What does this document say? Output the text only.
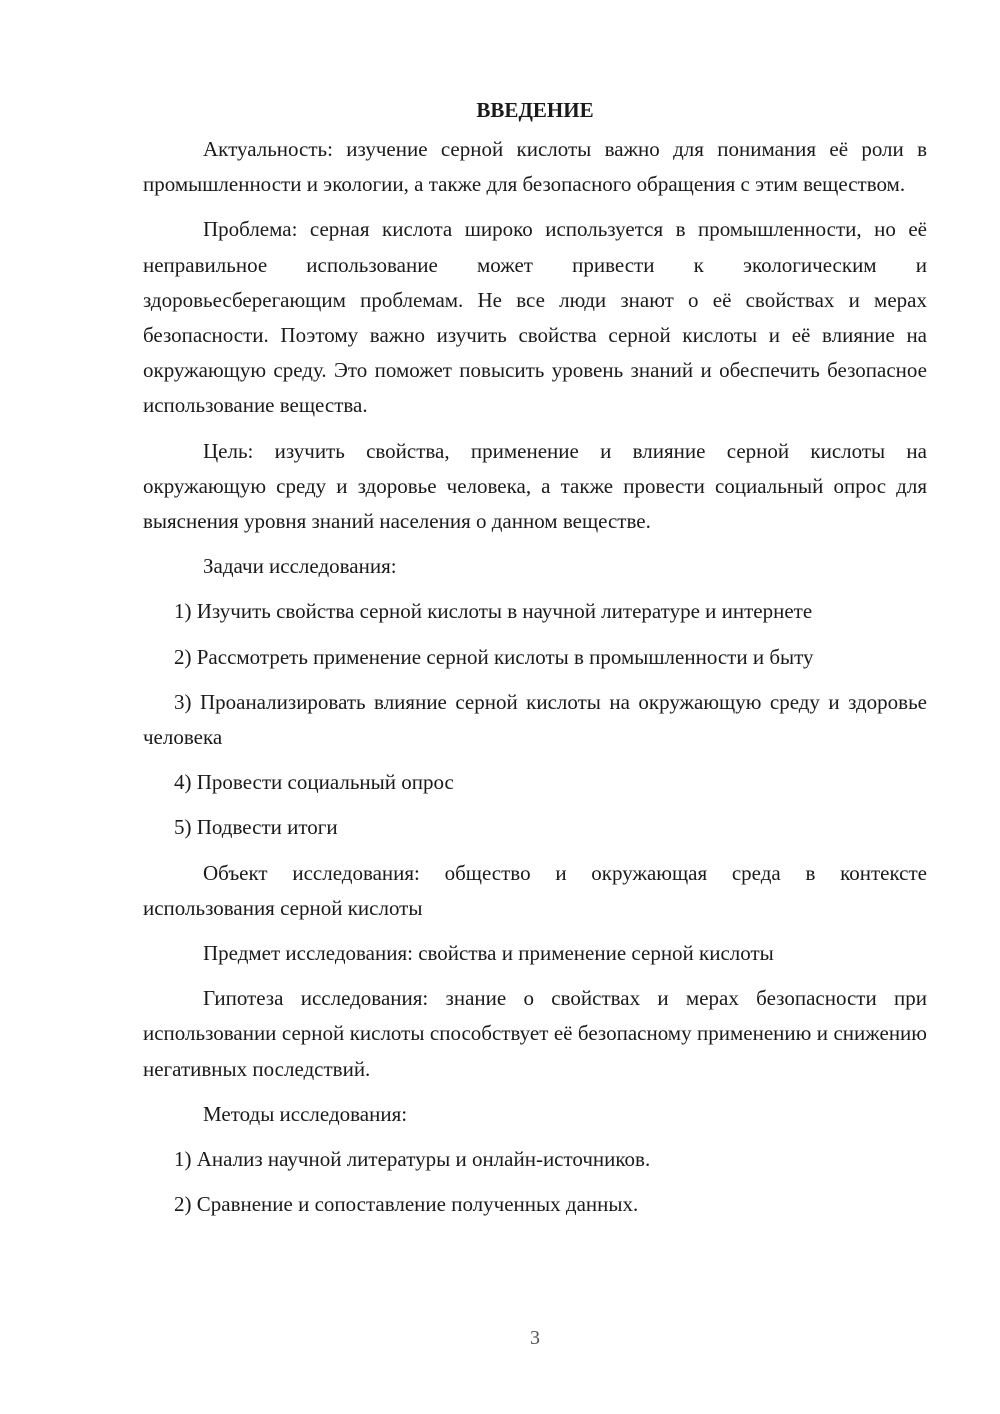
ВВЕДЕНИЕ

Актуальность: изучение серной кислоты важно для понимания её роли в промышленности и экологии, а также для безопасного обращения с этим веществом.

Проблема: серная кислота широко используется в промышленности, но её неправильное использование может привести к экологическим и здоровьесберегающим проблемам. Не все люди знают о её свойствах и мерах безопасности. Поэтому важно изучить свойства серной кислоты и её влияние на окружающую среду. Это поможет повысить уровень знаний и обеспечить безопасное использование вещества.

Цель: изучить свойства, применение и влияние серной кислоты на окружающую среду и здоровье человека, а также провести социальный опрос для выяснения уровня знаний населения о данном веществе.

Задачи исследования:

1) Изучить свойства серной кислоты в научной литературе и интернете

2) Рассмотреть применение серной кислоты в промышленности и быту

3) Проанализировать влияние серной кислоты на окружающую среду и здоровье человека

4) Провести социальный опрос

5) Подвести итоги

Объект исследования: общество и окружающая среда в контексте использования серной кислоты

Предмет исследования: свойства и применение серной кислоты

Гипотеза исследования: знание о свойствах и мерах безопасности при использовании серной кислоты способствует её безопасному применению и снижению негативных последствий.

Методы исследования:

1) Анализ научной литературы и онлайн-источников.

2) Сравнение и сопоставление полученных данных.

3
